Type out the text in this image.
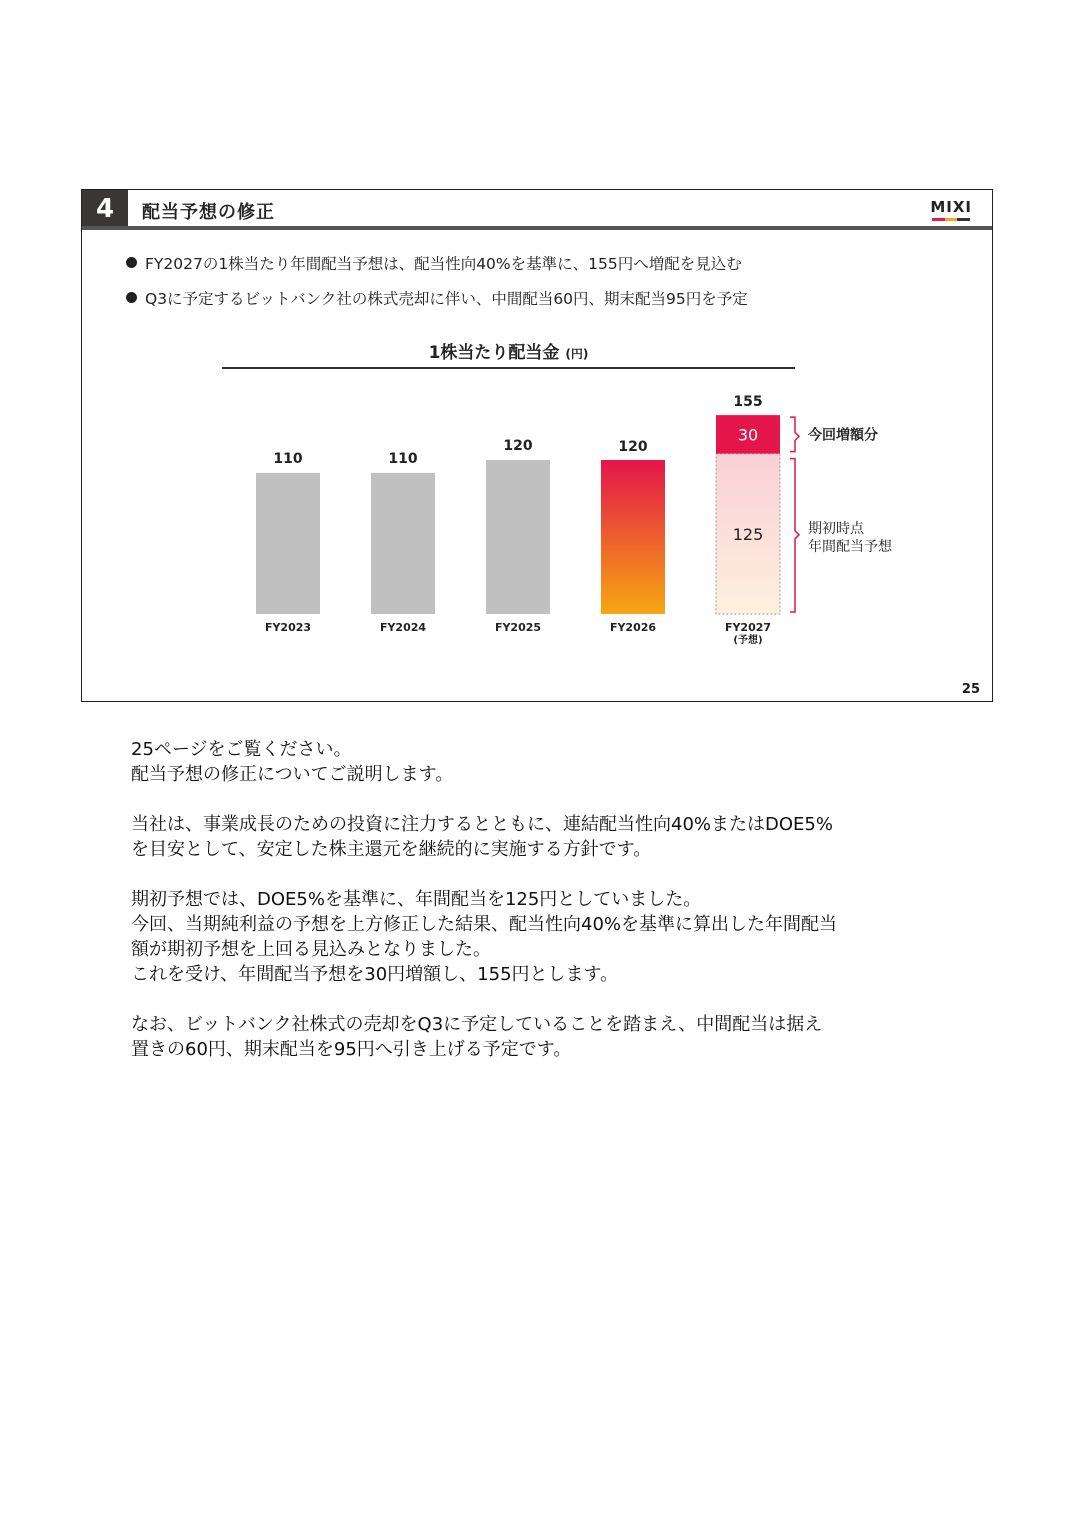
4	配当予想の修正	MIXI
FY2027の1株当たり年間配当予想は、配当性向40%を基準に、155円へ増配を見込む
Q3に予定するビットバンク社の株式売却に伴い、中間配当60円、期末配当95円を予定
1株当たり配当金 (円)
110
FY2023
110
FY2024
120
FY2025
120
FY2026
30
125
155
今回増額分
期初時点
年間配当予想
FY2027
(予想)
25

25ページをご覧ください。
配当予想の修正についてご説明します。

当社は、事業成長のための投資に注力するとともに、連結配当性向40%またはDOE5%
を目安として、安定した株主還元を継続的に実施する方針です。

期初予想では、DOE5%を基準に、年間配当を125円としていました。
今回、当期純利益の予想を上方修正した結果、配当性向40%を基準に算出した年間配当
額が期初予想を上回る見込みとなりました。
これを受け、年間配当予想を30円増額し、155円とします。

なお、ビットバンク社株式の売却をQ3に予定していることを踏まえ、中間配当は据え
置きの60円、期末配当を95円へ引き上げる予定です。
